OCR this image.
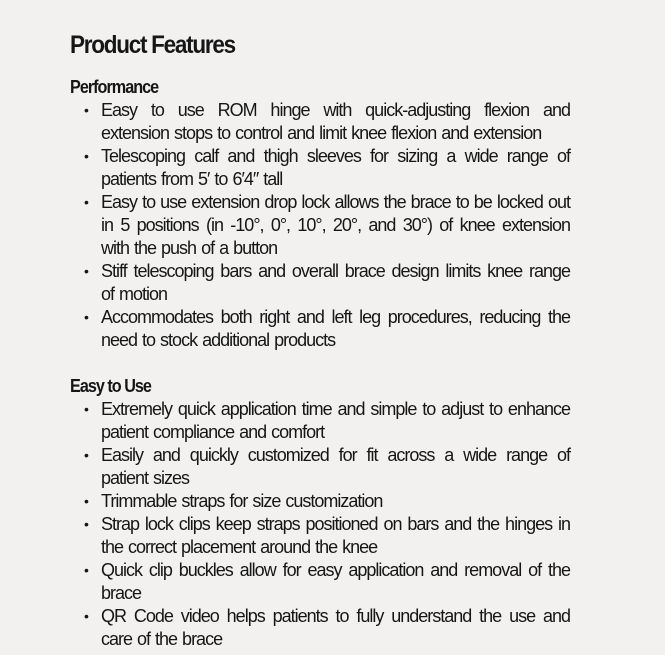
Product Features
Performance
• Easy to use ROM hinge with quick-adjusting flexion and extension stops to control and limit knee flexion and extension
• Telescoping calf and thigh sleeves for sizing a wide range of patients from 5′ to 6′4″ tall
• Easy to use extension drop lock allows the brace to be locked out in 5 positions (in -10°, 0°, 10°, 20°, and 30°) of knee extension with the push of a button
• Stiff telescoping bars and overall brace design limits knee range of motion
• Accommodates both right and left leg procedures, reducing the need to stock additional products
Easy to Use
• Extremely quick application time and simple to adjust to enhance patient compliance and comfort
• Easily and quickly customized for fit across a wide range of patient sizes
• Trimmable straps for size customization
• Strap lock clips keep straps positioned on bars and the hinges in the correct placement around the knee
• Quick clip buckles allow for easy application and removal of the brace
• QR Code video helps patients to fully understand the use and care of the brace
